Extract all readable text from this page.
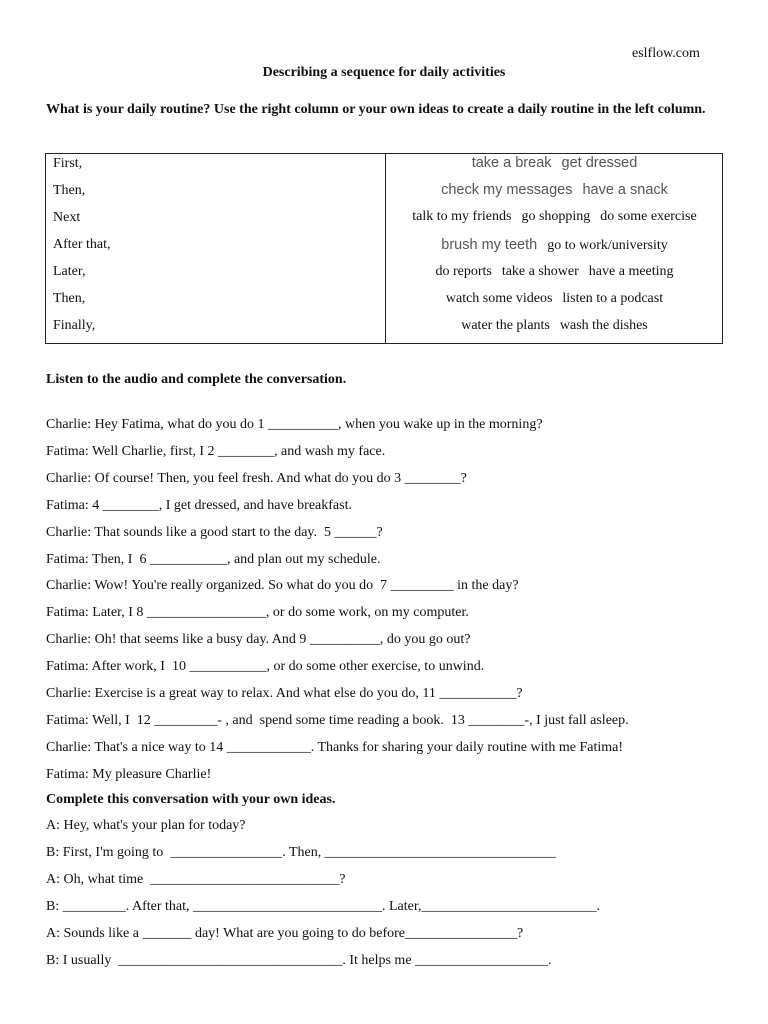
eslflow.com
Describing a sequence for daily activities
What is your daily routine? Use the right column or your own ideas to create a daily routine in the left column.
First,
Then,
Next
After that,
Later,
Then,
Finally,
take a break get dressed
check my messages have a snack
talk to my friends go shopping do some exercise
brush my teeth go to work/university
do reports take a shower have a meeting
watch some videos listen to a podcast
water the plants wash the dishes
Listen to the audio and complete the conversation.
Charlie: Hey Fatima, what do you do 1 __________, when you wake up in the morning?
Fatima: Well Charlie, first, I 2 ________, and wash my face.
Charlie: Of course! Then, you feel fresh. And what do you do 3 ________?
Fatima: 4 ________, I get dressed, and have breakfast.
Charlie: That sounds like a good start to the day.  5 ______?
Fatima: Then, I  6 ___________, and plan out my schedule.
Charlie: Wow! You're really organized. So what do you do  7 _________ in the day?
Fatima: Later, I 8 _________________, or do some work, on my computer.
Charlie: Oh! that seems like a busy day. And 9 __________, do you go out?
Fatima: After work, I  10 ___________, or do some other exercise, to unwind.
Charlie: Exercise is a great way to relax. And what else do you do, 11 ___________?
Fatima: Well, I  12 _________- , and  spend some time reading a book.  13 ________-, I just fall asleep.
Charlie: That's a nice way to 14 ____________. Thanks for sharing your daily routine with me Fatima!
Fatima: My pleasure Charlie!
Complete this conversation with your own ideas.
A: Hey, what's your plan for today?
B: First, I'm going to  ________________. Then, _________________________________
A: Oh, what time  ___________________________?
B: _________. After that, ___________________________. Later,_________________________.
A: Sounds like a _______ day! What are you going to do before________________?
B: I usually  ________________________________. It helps me ___________________.
